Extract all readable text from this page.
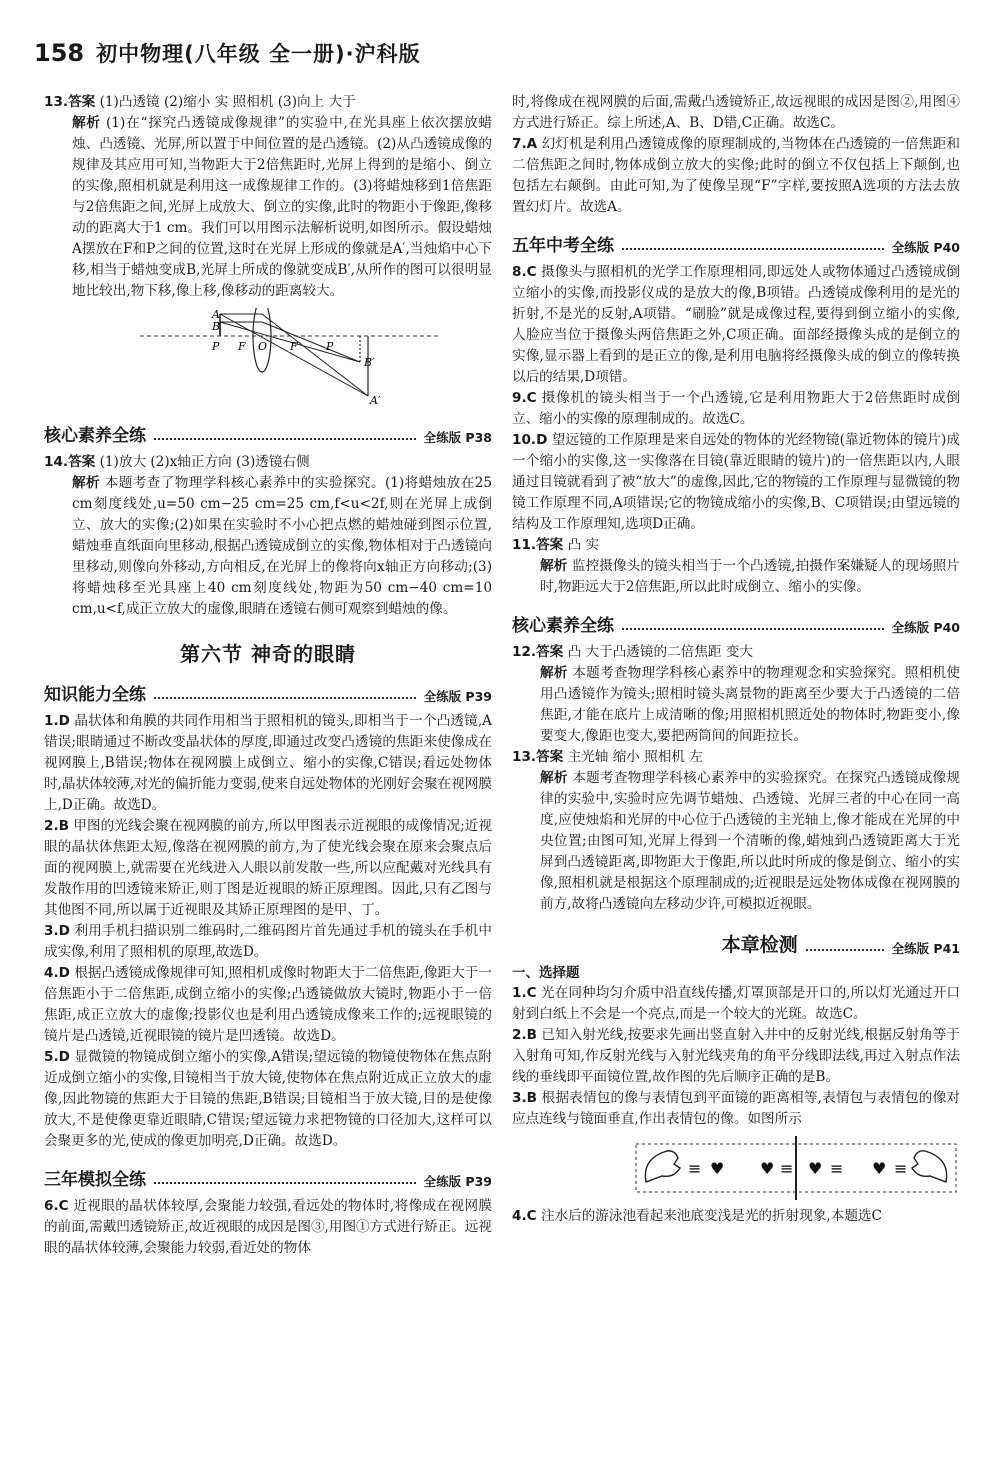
158 初中物理(八年级 全一册)·沪科版

13.答案 (1)凸透镜 (2)缩小 实 照相机 (3)向上 大于

解析 (1)在“探究凸透镜成像规律”的实验中,在光具座上依次摆放蜡烛、凸透镜、光屏,所以置于中间位置的是凸透镜。(2)从凸透镜成像的规律及其应用可知,当物距大于2倍焦距时,光屏上得到的是缩小、倒立的实像,照相机就是利用这一成像规律工作的。(3)将蜡烛移到1倍焦距与2倍焦距之间,光屏上成放大、倒立的实像,此时的物距小于像距,像移动的距离大于1 cm。我们可以用图示法解析说明,如图所示。假设蜡烛A摆放在F和P之间的位置,这时在光屏上形成的像就是A′,当烛焰中心下移,相当于蜡烛变成B,光屏上所成的像就变成B′,从所作的图可以很明显地比较出,物下移,像上移,像移动的距离较大。

A
B
P F O F	P
B′
A′
核心素养全练	全练版 P38

14.答案 (1)放大 (2)x轴正方向 (3)透镜右侧

解析 本题考查了物理学科核心素养中的实验探究。(1)将蜡烛放在25 cm刻度线处,u=50 cm−25 cm=25 cm,f<u<2f,则在光屏上成倒立、放大的实像;(2)如果在实验时不小心把点燃的蜡烛碰到图示位置,蜡烛垂直纸面向里移动,根据凸透镜成倒立的实像,物体相对于凸透镜向里移动,则像向外移动,方向相反,在光屏上的像将向x轴正方向移动;(3)将蜡烛移至光具座上40 cm刻度线处,物距为50 cm−40 cm=10 cm,u<f,成正立放大的虚像,眼睛在透镜右侧可观察到蜡烛的像。

第六节 神奇的眼睛
知识能力全练	全练版 P39

1.D 晶状体和角膜的共同作用相当于照相机的镜头,即相当于一个凸透镜,A错误;眼睛通过不断改变晶状体的厚度,即通过改变凸透镜的焦距来使像成在视网膜上,B错误;物体在视网膜上成倒立、缩小的实像,C错误;看远处物体时,晶状体较薄,对光的偏折能力变弱,使来自远处物体的光刚好会聚在视网膜上,D正确。故选D。

2.B 甲图的光线会聚在视网膜的前方,所以甲图表示近视眼的成像情况;近视眼的晶状体焦距太短,像落在视网膜的前方,为了使光线会聚在原来会聚点后面的视网膜上,就需要在光线进入人眼以前发散一些,所以应配戴对光线具有发散作用的凹透镜来矫正,则丁图是近视眼的矫正原理图。因此,只有乙图与其他图不同,所以属于近视眼及其矫正原理图的是甲、丁。

3.D 利用手机扫描识别二维码时,二维码图片首先通过手机的镜头在手机中成实像,利用了照相机的原理,故选D。

4.D 根据凸透镜成像规律可知,照相机成像时物距大于二倍焦距,像距大于一倍焦距小于二倍焦距,成倒立缩小的实像;凸透镜做放大镜时,物距小于一倍焦距,成正立放大的虚像;投影仪也是利用凸透镜成像来工作的;远视眼镜的镜片是凸透镜,近视眼镜的镜片是凹透镜。故选D。

5.D 显微镜的物镜成倒立缩小的实像,A错误;望远镜的物镜使物体在焦点附近成倒立缩小的实像,目镜相当于放大镜,使物体在焦点附近成正立放大的虚像,因此物镜的焦距大于目镜的焦距,B错误;目镜相当于放大镜,目的是使像放大,不是使像更靠近眼睛,C错误;望远镜力求把物镜的口径加大,这样可以会聚更多的光,使成的像更加明亮,D正确。故选D。

三年模拟全练	全练版 P39

6.C 近视眼的晶状体较厚,会聚能力较强,看远处的物体时,将像成在视网膜的前面,需戴凹透镜矫正,故近视眼的成因是图③,用图①方式进行矫正。远视眼的晶状体较薄,会聚能力较弱,看近处的物体

时,将像成在视网膜的后面,需戴凸透镜矫正,故远视眼的成因是图②,用图④方式进行矫正。综上所述,A、B、D错,C正确。故选C。

7.A 幻灯机是利用凸透镜成像的原理制成的,当物体在凸透镜的一倍焦距和二倍焦距之间时,物体成倒立放大的实像;此时的倒立不仅包括上下颠倒,也包括左右颠倒。由此可知,为了使像呈现“F”字样,要按照A选项的方法去放置幻灯片。故选A。

五年中考全练	全练版 P40

8.C 摄像头与照相机的光学工作原理相同,即远处人或物体通过凸透镜成倒立缩小的实像,而投影仪成的是放大的像,B项错。凸透镜成像利用的是光的折射,不是光的反射,A项错。“刷脸”就是成像过程,要得到倒立缩小的实像,人脸应当位于摄像头两倍焦距之外,C项正确。面部经摄像头成的是倒立的实像,显示器上看到的是正立的像,是利用电脑将经摄像头成的倒立的像转换以后的结果,D项错。

9.C 摄像机的镜头相当于一个凸透镜,它是利用物距大于2倍焦距时成倒立、缩小的实像的原理制成的。故选C。

10.D 望远镜的工作原理是来自远处的物体的光经物镜(靠近物体的镜片)成一个缩小的实像,这一实像落在目镜(靠近眼睛的镜片)的一倍焦距以内,人眼通过目镜就看到了被“放大”的虚像,因此,它的物镜的工作原理与显微镜的物镜工作原理不同,A项错误;它的物镜成缩小的实像,B、C项错误;由望远镜的结构及工作原理知,选项D正确。

11.答案 凸 实

解析 监控摄像头的镜头相当于一个凸透镜,拍摄作案嫌疑人的现场照片时,物距远大于2倍焦距,所以此时成倒立、缩小的实像。

核心素养全练	全练版 P40

12.答案 凸 大于凸透镜的二倍焦距 变大

解析 本题考查物理学科核心素养中的物理观念和实验探究。照相机使用凸透镜作为镜头;照相时镜头离景物的距离至少要大于凸透镜的二倍焦距,才能在底片上成清晰的像;用照相机照近处的物体时,物距变小,像要变大,像距也变大,要把两筒间的间距拉长。

13.答案 主光轴 缩小 照相机 左

解析 本题考查物理学科核心素养中的实验探究。在探究凸透镜成像规律的实验中,实验时应先调节蜡烛、凸透镜、光屏三者的中心在同一高度,应使烛焰和光屏的中心位于凸透镜的主光轴上,像才能成在光屏的中央位置;由图可知,光屏上得到一个清晰的像,蜡烛到凸透镜距离大于光屏到凸透镜距离,即物距大于像距,所以此时所成的像是倒立、缩小的实像,照相机就是根据这个原理制成的;近视眼是远处物体成像在视网膜的前方,故将凸透镜向左移动少许,可模拟近视眼。

本章检测	全练版 P41
一、选择题

1.C 光在同种均匀介质中沿直线传播,灯罩顶部是开口的,所以灯光通过开口射到白纸上不会是一个亮点,而是一个较大的光斑。故选C。

2.B 已知入射光线,按要求先画出竖直射入井中的反射光线,根据反射角等于入射角可知,作反射光线与入射光线夹角的角平分线即法线,再过入射点作法线的垂线即平面镜位置,故作图的先后顺序正确的是B。

3.B 根据表情包的像与表情包到平面镜的距离相等,表情包与表情包的像对应点连线与镜面垂直,作出表情包的像。如图所示

≡ ♥ ♥ ≡ ♥ ≡ ♥ ≡

4.C 注水后的游泳池看起来池底变浅是光的折射现象,本题选C
